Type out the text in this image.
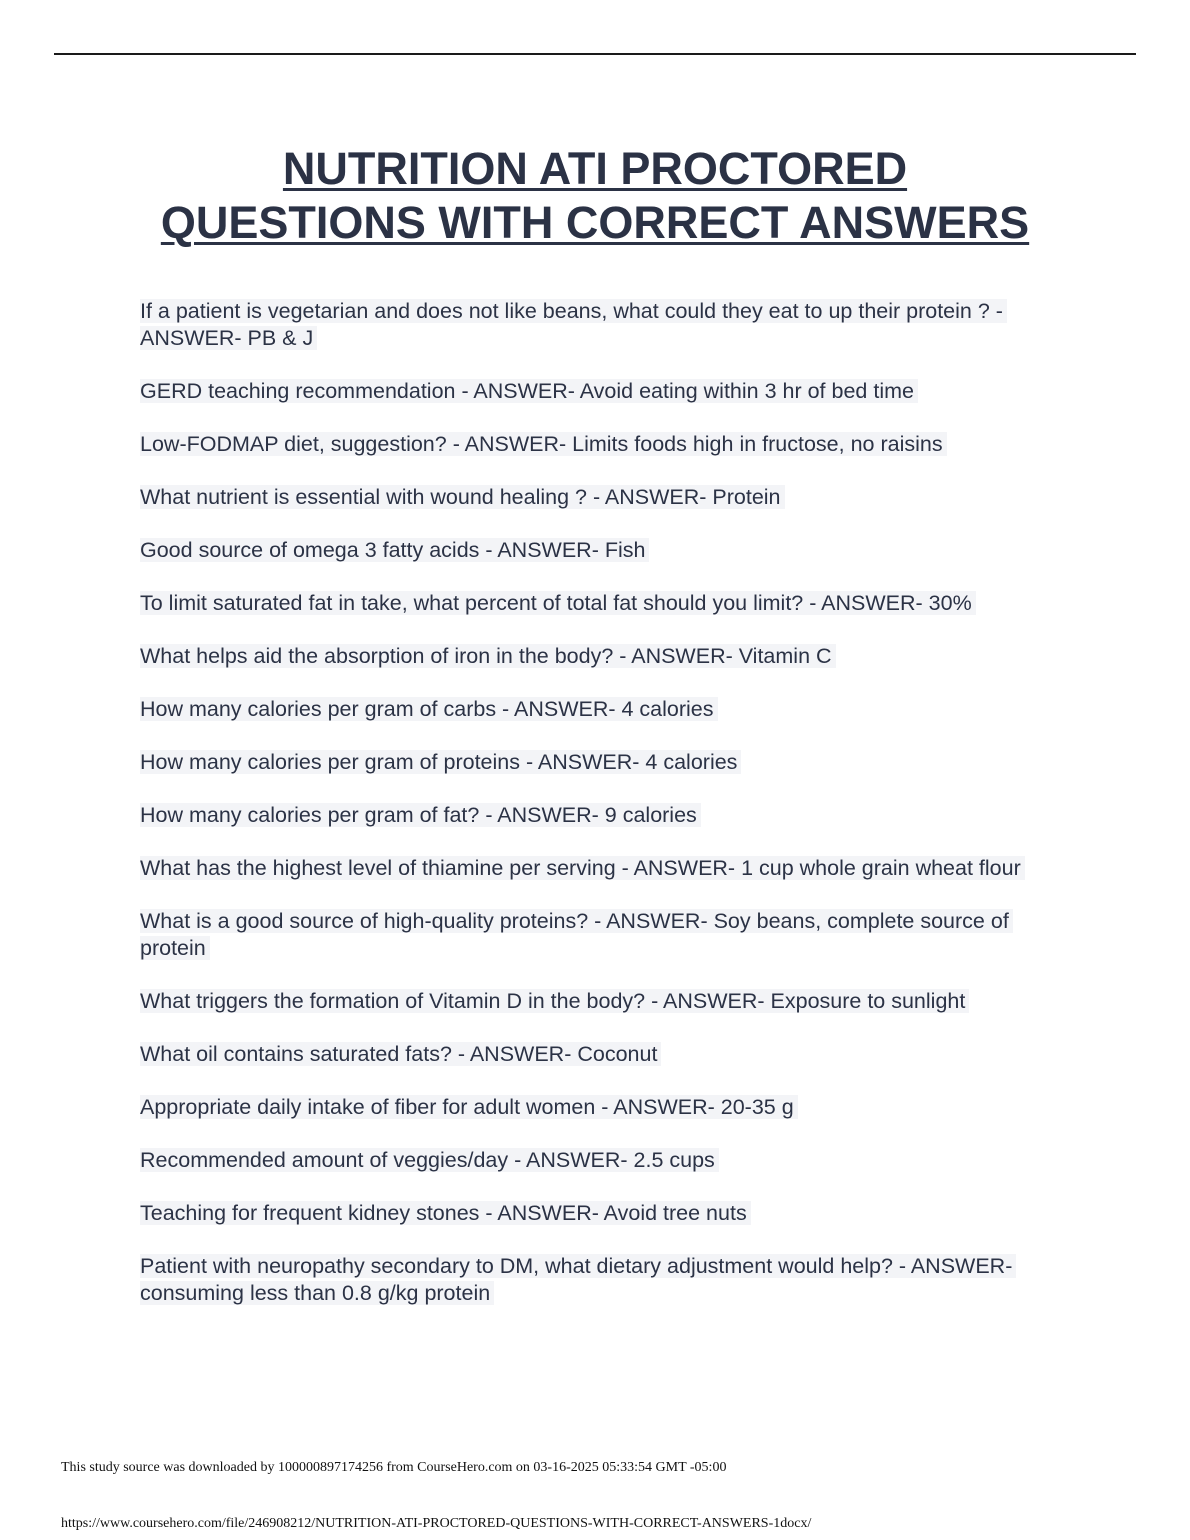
NUTRITION ATI PROCTORED
QUESTIONS WITH CORRECT ANSWERS
If a patient is vegetarian and does not like beans, what could they eat to up their protein ? - ANSWER- PB & J
GERD teaching recommendation - ANSWER- Avoid eating within 3 hr of bed time
Low-FODMAP diet, suggestion? - ANSWER- Limits foods high in fructose, no raisins
What nutrient is essential with wound healing ? - ANSWER- Protein
Good source of omega 3 fatty acids - ANSWER- Fish
To limit saturated fat in take, what percent of total fat should you limit? - ANSWER- 30%
What helps aid the absorption of iron in the body? - ANSWER- Vitamin C
How many calories per gram of carbs - ANSWER- 4 calories
How many calories per gram of proteins - ANSWER- 4 calories
How many calories per gram of fat? - ANSWER- 9 calories
What has the highest level of thiamine per serving - ANSWER- 1 cup whole grain wheat flour
What is a good source of high-quality proteins? - ANSWER- Soy beans, complete source of protein
What triggers the formation of Vitamin D in the body? - ANSWER- Exposure to sunlight
What oil contains saturated fats? - ANSWER- Coconut
Appropriate daily intake of fiber for adult women - ANSWER- 20-35 g
Recommended amount of veggies/day - ANSWER- 2.5 cups
Teaching for frequent kidney stones - ANSWER- Avoid tree nuts
Patient with neuropathy secondary to DM, what dietary adjustment would help? - ANSWER- consuming less than 0.8 g/kg protein
This study source was downloaded by 100000897174256 from CourseHero.com on 03-16-2025 05:33:54 GMT -05:00
https://www.coursehero.com/file/246908212/NUTRITION-ATI-PROCTORED-QUESTIONS-WITH-CORRECT-ANSWERS-1docx/
